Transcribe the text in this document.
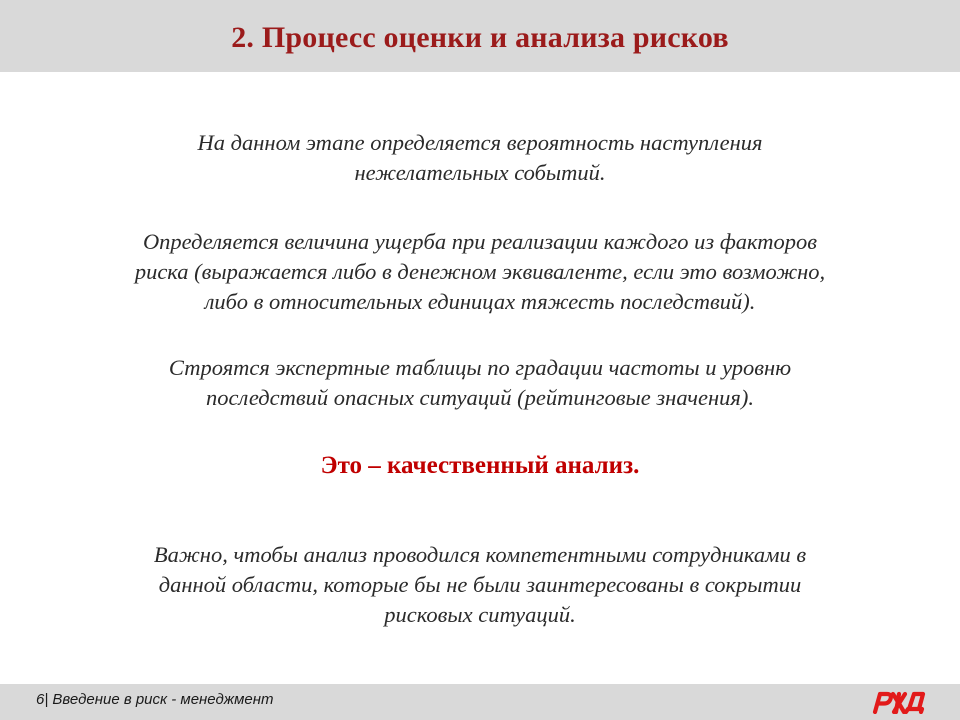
2. Процесс оценки и анализа рисков
На данном этапе определяется вероятность наступления
нежелательных событий.
Определяется величина ущерба при реализации каждого из факторов
риска (выражается либо в денежном эквиваленте, если это возможно,
либо в относительных единицах тяжесть последствий).
Строятся экспертные таблицы по градации частоты и уровню
последствий опасных ситуаций (рейтинговые значения).
Это – качественный анализ.
Важно, чтобы анализ проводился компетентными сотрудниками в
данной области, которые бы не были заинтересованы в сокрытии
рисковых ситуаций.
6| Введение в риск - менеджмент
